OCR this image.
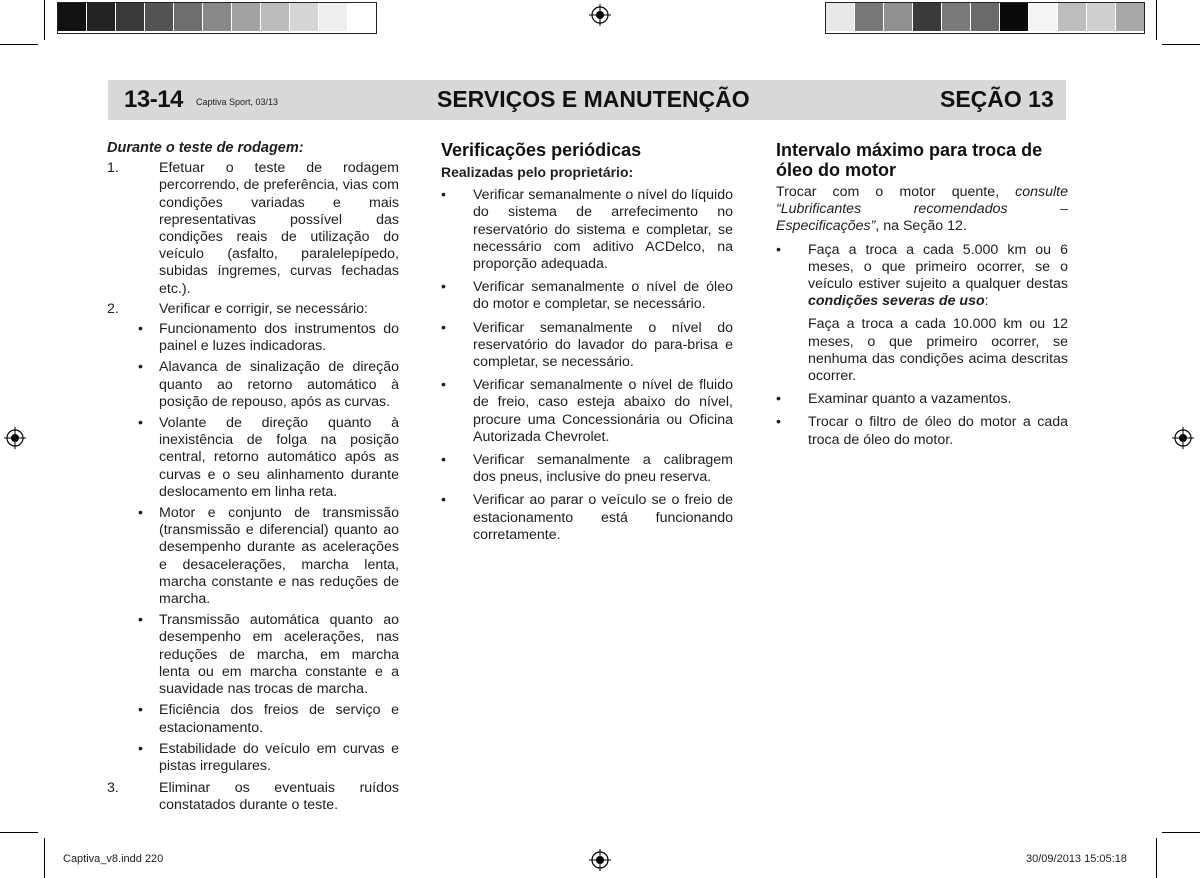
13-14 Captiva Sport, 03/13	SERVIÇOS E MANUTENÇÃO	SEÇÃO 13
Durante o teste de rodagem:
1.	Efetuar o teste de rodagem percorrendo, de preferência, vias com condições variadas e mais representativas possível das condições reais de utilização do veículo (asfalto, paralelepípedo, subidas íngremes, curvas fechadas etc.).
2.	Verificar e corrigir, se necessário:
•	Funcionamento dos instrumentos do painel e luzes indicadoras.
•	Alavanca de sinalização de direção quanto ao retorno automático à posição de repouso, após as curvas.
•	Volante de direção quanto à inexistência de folga na posição central, retorno automático após as curvas e o seu alinhamento durante deslocamento em linha reta.
•	Motor e conjunto de transmissão (transmissão e diferencial) quanto ao desempenho durante as acelerações e desacelerações, marcha lenta, marcha constante e nas reduções de marcha.
•	Transmissão automática quanto ao desempenho em acelerações, nas reduções de marcha, em marcha lenta ou em marcha constante e a suavidade nas trocas de marcha.
•	Eficiência dos freios de serviço e estacionamento.
•	Estabilidade do veículo em curvas e pistas irregulares.
3.	Eliminar os eventuais ruídos constatados durante o teste.
Verificações periódicas
Realizadas pelo proprietário:
•	Verificar semanalmente o nível do líquido do sistema de arrefecimento no reservatório do sistema e completar, se necessário com aditivo ACDelco, na proporção adequada.
•	Verificar semanalmente o nível de óleo do motor e completar, se necessário.
•	Verificar semanalmente o nível do reservatório do lavador do para-brisa e completar, se necessário.
•	Verificar semanalmente o nível de fluido de freio, caso esteja abaixo do nível, procure uma Concessionária ou Oficina Autorizada Chevrolet.
•	Verificar semanalmente a calibragem dos pneus, inclusive do pneu reserva.
•	Verificar ao parar o veículo se o freio de estacionamento está funcionando corretamente.
Intervalo máximo para troca de óleo do motor
Trocar com o motor quente, consulte “Lubrificantes recomendados – Especificações”, na Seção 12.
•	Faça a troca a cada 5.000 km ou 6 meses, o que primeiro ocorrer, se o veículo estiver sujeito a qualquer destas condições severas de uso:
Faça a troca a cada 10.000 km ou 12 meses, o que primeiro ocorrer, se nenhuma das condições acima descritas ocorrer.
•	Examinar quanto a vazamentos.
•	Trocar o filtro de óleo do motor a cada troca de óleo do motor.
Captiva_v8.indd 220	30/09/2013 15:05:18
